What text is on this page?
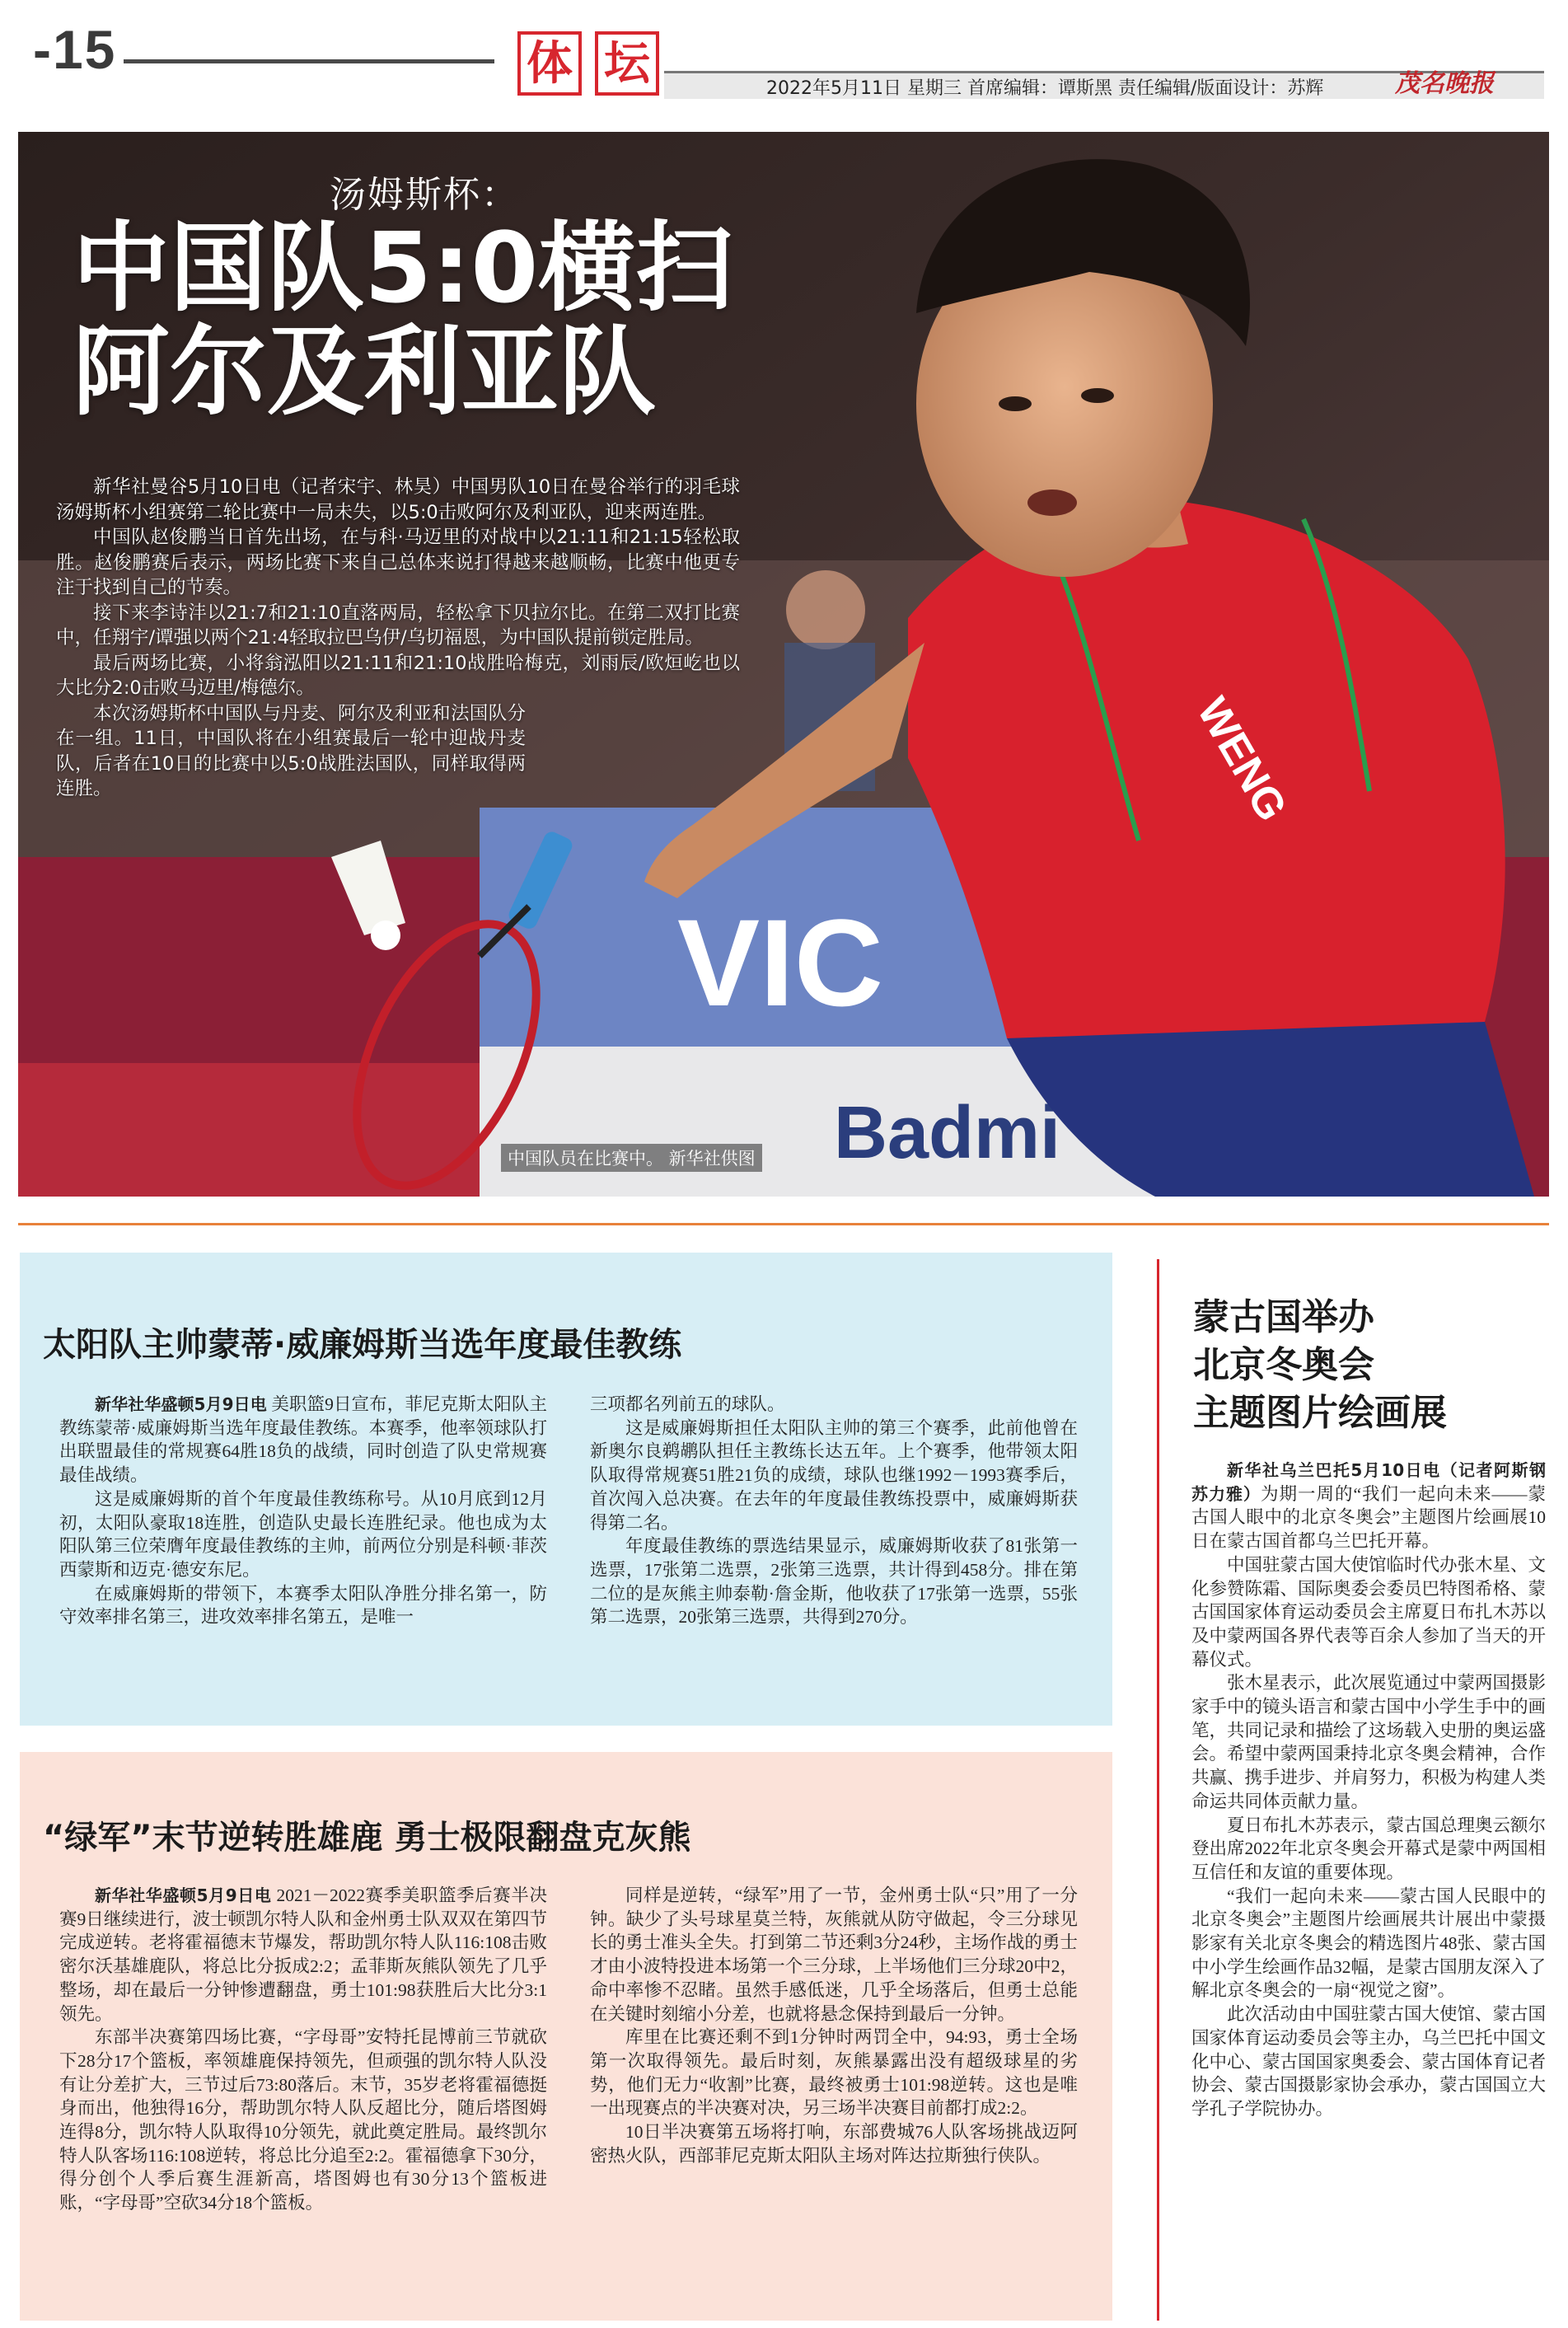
-15	体 坛	2022年5月11日 星期三 首席编辑：谭斯黑 责任编辑/版面设计：苏辉	茂名晚报
VIC
Badmi
WENG
汤姆斯杯：
中国队5:0横扫
阿尔及利亚队

新华社曼谷5月10日电（记者宋宇、林昊）中国男队10日在曼谷举行的羽毛球汤姆斯杯小组赛第二轮比赛中一局未失，以5:0击败阿尔及利亚队，迎来两连胜。

中国队赵俊鹏当日首先出场，在与科·马迈里的对战中以21:11和21:15轻松取胜。赵俊鹏赛后表示，两场比赛下来自己总体来说打得越来越顺畅，比赛中他更专注于找到自己的节奏。

接下来李诗沣以21:7和21:10直落两局，轻松拿下贝拉尔比。在第二双打比赛中，任翔宇/谭强以两个21:4轻取拉巴乌伊/乌切福恩，为中国队提前锁定胜局。

最后两场比赛，小将翁泓阳以21:11和21:10战胜哈梅克，刘雨辰/欧烜屹也以大比分2:0击败马迈里/梅德尔。

本次汤姆斯杯中国队与丹麦、阿尔及利亚和法国队分在一组。11日，中国队将在小组赛最后一轮中迎战丹麦队，后者在10日的比赛中以5:0战胜法国队，同样取得两连胜。

中国队员在比赛中。 新华社供图
太阳队主帅蒙蒂·威廉姆斯当选年度最佳教练

新华社华盛顿5月9日电 美职篮9日宣布，菲尼克斯太阳队主教练蒙蒂·威廉姆斯当选年度最佳教练。本赛季，他率领球队打出联盟最佳的常规赛64胜18负的战绩，同时创造了队史常规赛最佳战绩。

这是威廉姆斯的首个年度最佳教练称号。从10月底到12月初，太阳队豪取18连胜，创造队史最长连胜纪录。他也成为太阳队第三位荣膺年度最佳教练的主帅，前两位分别是科顿·菲茨西蒙斯和迈克·德安东尼。

在威廉姆斯的带领下，本赛季太阳队净胜分排名第一，防守效率排名第三，进攻效率排名第五，是唯一

三项都名列前五的球队。

这是威廉姆斯担任太阳队主帅的第三个赛季，此前他曾在新奥尔良鹈鹕队担任主教练长达五年。上个赛季，他带领太阳队取得常规赛51胜21负的成绩，球队也继1992－1993赛季后，首次闯入总决赛。在去年的年度最佳教练投票中，威廉姆斯获得第二名。

年度最佳教练的票选结果显示，威廉姆斯收获了81张第一选票，17张第二选票，2张第三选票，共计得到458分。排在第二位的是灰熊主帅泰勒·詹金斯，他收获了17张第一选票，55张第二选票，20张第三选票，共得到270分。

“绿军”末节逆转胜雄鹿 勇士极限翻盘克灰熊

新华社华盛顿5月9日电 2021－2022赛季美职篮季后赛半决赛9日继续进行，波士顿凯尔特人队和金州勇士队双双在第四节完成逆转。老将霍福德末节爆发，帮助凯尔特人队116:108击败密尔沃基雄鹿队，将总比分扳成2:2；孟菲斯灰熊队领先了几乎整场，却在最后一分钟惨遭翻盘，勇士101:98获胜后大比分3:1领先。

东部半决赛第四场比赛，“字母哥”安特托昆博前三节就砍下28分17个篮板，率领雄鹿保持领先，但顽强的凯尔特人队没有让分差扩大，三节过后73:80落后。末节，35岁老将霍福德挺身而出，他独得16分，帮助凯尔特人队反超比分，随后塔图姆连得8分，凯尔特人队取得10分领先，就此奠定胜局。最终凯尔特人队客场116:108逆转，将总比分追至2:2。霍福德拿下30分，得分创个人季后赛生涯新高，塔图姆也有30分13个篮板进账，“字母哥”空砍34分18个篮板。

同样是逆转，“绿军”用了一节，金州勇士队“只”用了一分钟。缺少了头号球星莫兰特，灰熊就从防守做起，令三分球见长的勇士准头全失。打到第二节还剩3分24秒，主场作战的勇士才由小波特投进本场第一个三分球，上半场他们三分球20中2，命中率惨不忍睹。虽然手感低迷，几乎全场落后，但勇士总能在关键时刻缩小分差，也就将悬念保持到最后一分钟。

库里在比赛还剩不到1分钟时两罚全中，94:93，勇士全场第一次取得领先。最后时刻，灰熊暴露出没有超级球星的劣势，他们无力“收割”比赛，最终被勇士101:98逆转。这也是唯一出现赛点的半决赛对决，另三场半决赛目前都打成2:2。

10日半决赛第五场将打响，东部费城76人队客场挑战迈阿密热火队，西部菲尼克斯太阳队主场对阵达拉斯独行侠队。

蒙古国举办
北京冬奥会
主题图片绘画展

新华社乌兰巴托5月10日电（记者阿斯钢 苏力雅）为期一周的“我们一起向未来——蒙古国人眼中的北京冬奥会”主题图片绘画展10日在蒙古国首都乌兰巴托开幕。

中国驻蒙古国大使馆临时代办张木星、文化参赞陈霜、国际奥委会委员巴特图希格、蒙古国国家体育运动委员会主席夏日布扎木苏以及中蒙两国各界代表等百余人参加了当天的开幕仪式。

张木星表示，此次展览通过中蒙两国摄影家手中的镜头语言和蒙古国中小学生手中的画笔，共同记录和描绘了这场载入史册的奥运盛会。希望中蒙两国秉持北京冬奥会精神，合作共赢、携手进步、并肩努力，积极为构建人类命运共同体贡献力量。

夏日布扎木苏表示，蒙古国总理奥云额尔登出席2022年北京冬奥会开幕式是蒙中两国相互信任和友谊的重要体现。

“我们一起向未来——蒙古国人民眼中的北京冬奥会”主题图片绘画展共计展出中蒙摄影家有关北京冬奥会的精选图片48张、蒙古国中小学生绘画作品32幅，是蒙古国朋友深入了解北京冬奥会的一扇“视觉之窗”。

此次活动由中国驻蒙古国大使馆、蒙古国国家体育运动委员会等主办，乌兰巴托中国文化中心、蒙古国国家奥委会、蒙古国体育记者协会、蒙古国摄影家协会承办，蒙古国国立大学孔子学院协办。
